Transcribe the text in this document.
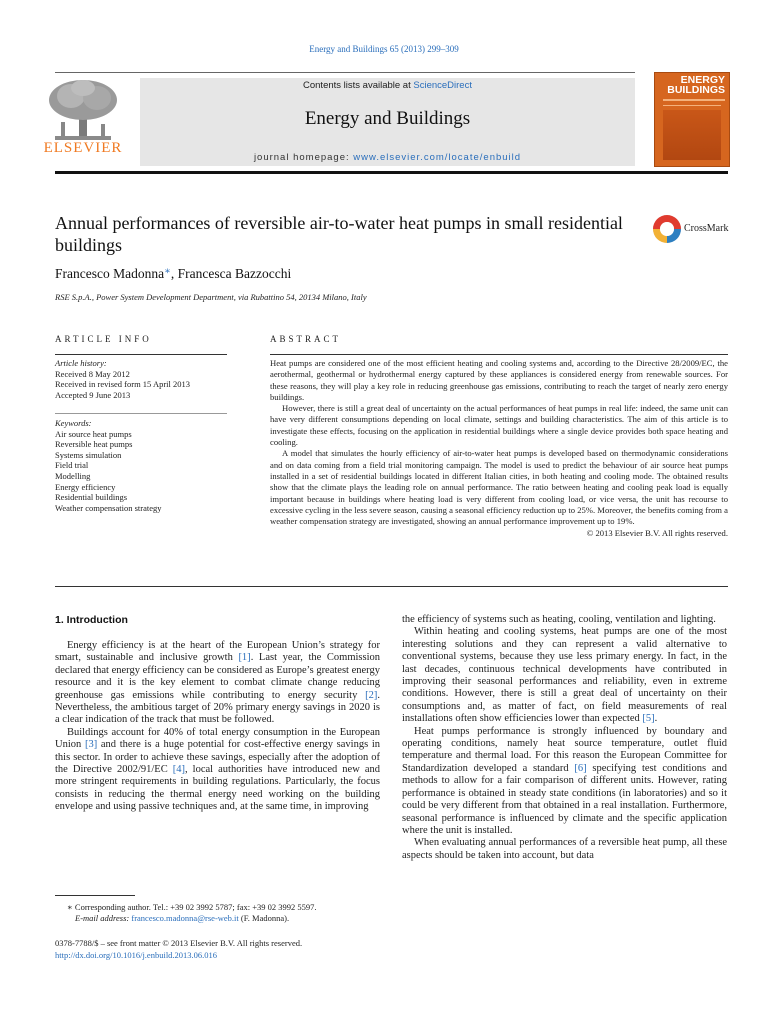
Energy and Buildings 65 (2013) 299–309
ELSEVIER
Contents lists available at ScienceDirect
Energy and Buildings
journal homepage: www.elsevier.com/locate/enbuild
ENERGY
BUILDINGS
Annual performances of reversible air-to-water heat pumps in small residential buildings
CrossMark
Francesco Madonna∗, Francesca Bazzocchi
RSE S.p.A., Power System Development Department, via Rubattino 54, 20134 Milano, Italy
ARTICLE INFO	ABSTRACT
Article history:
Received 8 May 2012
Received in revised form 15 April 2013
Accepted 9 June 2013
Keywords:
Air source heat pumps
Reversible heat pumps
Systems simulation
Field trial
Modelling
Energy efficiency
Residential buildings
Weather compensation strategy

Heat pumps are considered one of the most efficient heating and cooling systems and, according to the Directive 28/2009/EC, the aerothermal, geothermal or hydrothermal energy captured by these appliances is considered energy from renewable sources. For these reasons, they will play a key role in reducing greenhouse gas emissions, contributing to reach the target of nearly zero energy buildings.

However, there is still a great deal of uncertainty on the actual performances of heat pumps in real life: indeed, the same unit can have very different consumptions depending on local climate, settings and building characteristics. The aim of this article is to investigate these effects, focusing on the application in residential buildings where a single device provides both space heating and cooling.

A model that simulates the hourly efficiency of air-to-water heat pumps is developed based on thermodynamic considerations and on data coming from a field trial monitoring campaign. The model is used to predict the behaviour of air source heat pumps installed in a set of residential buildings located in different Italian cities, in both heating and cooling mode. The obtained results show that the climate plays the leading role on annual performance. The ratio between heating and cooling peak load is equally important because in buildings where heating load is very different from cooling load, or vice versa, the unit has recourse to excessive cycling in the less severe season, causing a seasonal efficiency reduction up to 25%. Moreover, the benefits coming from a weather compensation strategy are investigated, showing an annual performance improvement up to 19%.

© 2013 Elsevier B.V. All rights reserved.
1. Introduction

Energy efficiency is at the heart of the European Union’s strategy for smart, sustainable and inclusive growth [1]. Last year, the Commission declared that energy efficiency can be considered as Europe’s greatest energy resource and it is the key element to combat climate change reducing greenhouse gas emissions while contributing to energy security [2]. Nevertheless, the ambitious target of 20% primary energy savings in 2020 is a clear indication of the track that must be followed.

Buildings account for 40% of total energy consumption in the European Union [3] and there is a huge potential for cost-effective energy savings in this sector. In order to achieve these savings, especially after the adoption of the Directive 2002/91/EC [4], local authorities have introduced new and more stringent requirements in building regulations. Particularly, the focus consists in reducing the thermal energy need working on the building envelope and using passive techniques and, at the same time, in improving

the efficiency of systems such as heating, cooling, ventilation and lighting.

Within heating and cooling systems, heat pumps are one of the most interesting solutions and they can represent a valid alternative to conventional systems, because they use less primary energy. In fact, in the last decades, continuous technical developments have contributed in improving their seasonal performances and reliability, even in extreme conditions. However, there is still a great deal of uncertainty on their consumptions and, as matter of fact, on field measurements of real installations often show efficiencies lower than expected [5].

Heat pumps performance is strongly influenced by boundary and operating conditions, namely heat source temperature, outlet fluid temperature and thermal load. For this reason the European Committee for Standardization developed a standard [6] specifying test conditions and methods to allow for a fair comparison of different units. However, rating performance is obtained in steady state conditions (in laboratories) and so it could be very different from that obtained in a real installation. Furthermore, seasonal performance is influenced by climate and the specific application where the unit is installed.

When evaluating annual performances of a reversible heat pump, all these aspects should be taken into account, but data

∗ Corresponding author. Tel.: +39 02 3992 5787; fax: +39 02 3992 5597.
E-mail address: francesco.madonna@rse-web.it (F. Madonna).
0378-7788/$ – see front matter © 2013 Elsevier B.V. All rights reserved.
http://dx.doi.org/10.1016/j.enbuild.2013.06.016
